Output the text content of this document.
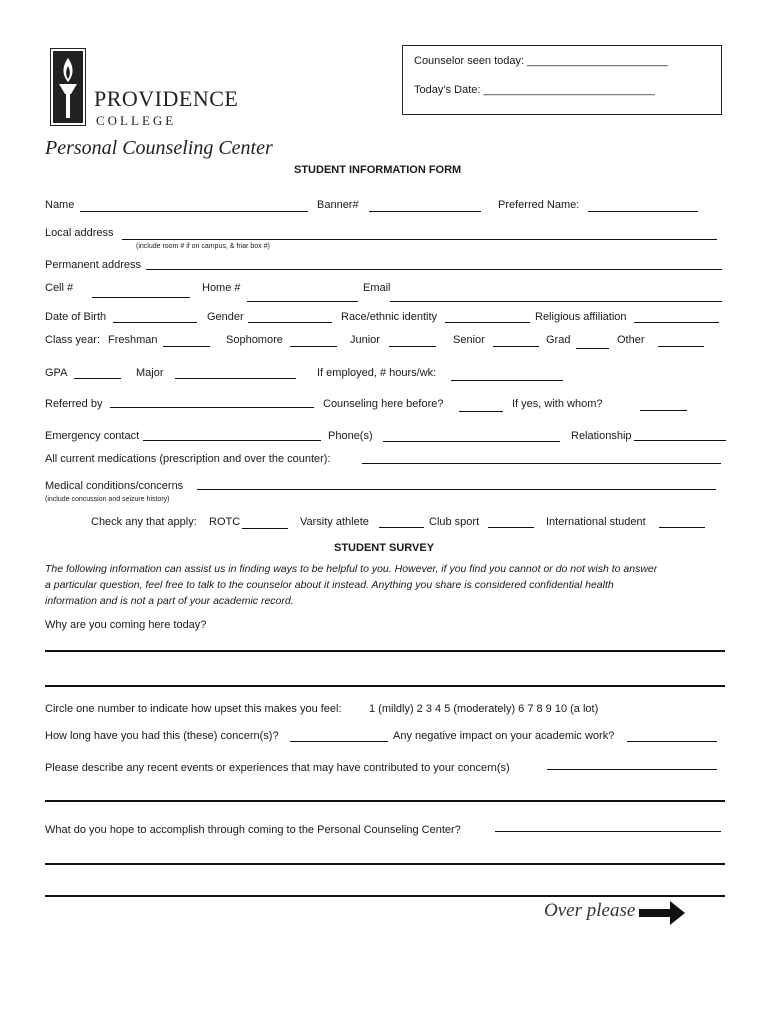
PROVIDENCE
COLLEGE
Personal Counseling Center
Counselor seen today: _______________________
Today’s Date: ____________________________
STUDENT INFORMATION FORM
Name	Banner#	Preferred Name:
Local address
(include room # if on campus, & friar box #)
Permanent address
Cell #	Home #	Email
Date of Birth	Gender	Race/ethnic identity	Religious affiliation
Class year: Freshman	Sophomore	Junior	Senior	Grad	Other
GPA	Major	If employed, # hours/wk:
Referred by	Counseling here before?	If yes, with whom?
Emergency contact	Phone(s)	Relationship
All current medications (prescription and over the counter):
Medical conditions/concerns
(include concussion and seizure history)
Check any that apply: ROTC	Varsity athlete	Club sport	International student
STUDENT SURVEY
The following information can assist us in finding ways to be helpful to you. However, if you find you cannot or do not wish to answer
a particular question, feel free to talk to the counselor about it instead. Anything you share is considered confidential health
information and is not a part of your academic record.
Why are you coming here today?
Circle one number to indicate how upset this makes you feel: 1 (mildly) 2 3 4 5 (moderately) 6 7 8 9 10 (a lot)
How long have you had this (these) concern(s)?	Any negative impact on your academic work?
Please describe any recent events or experiences that may have contributed to your concern(s)
What do you hope to accomplish through coming to the Personal Counseling Center?
Over please
